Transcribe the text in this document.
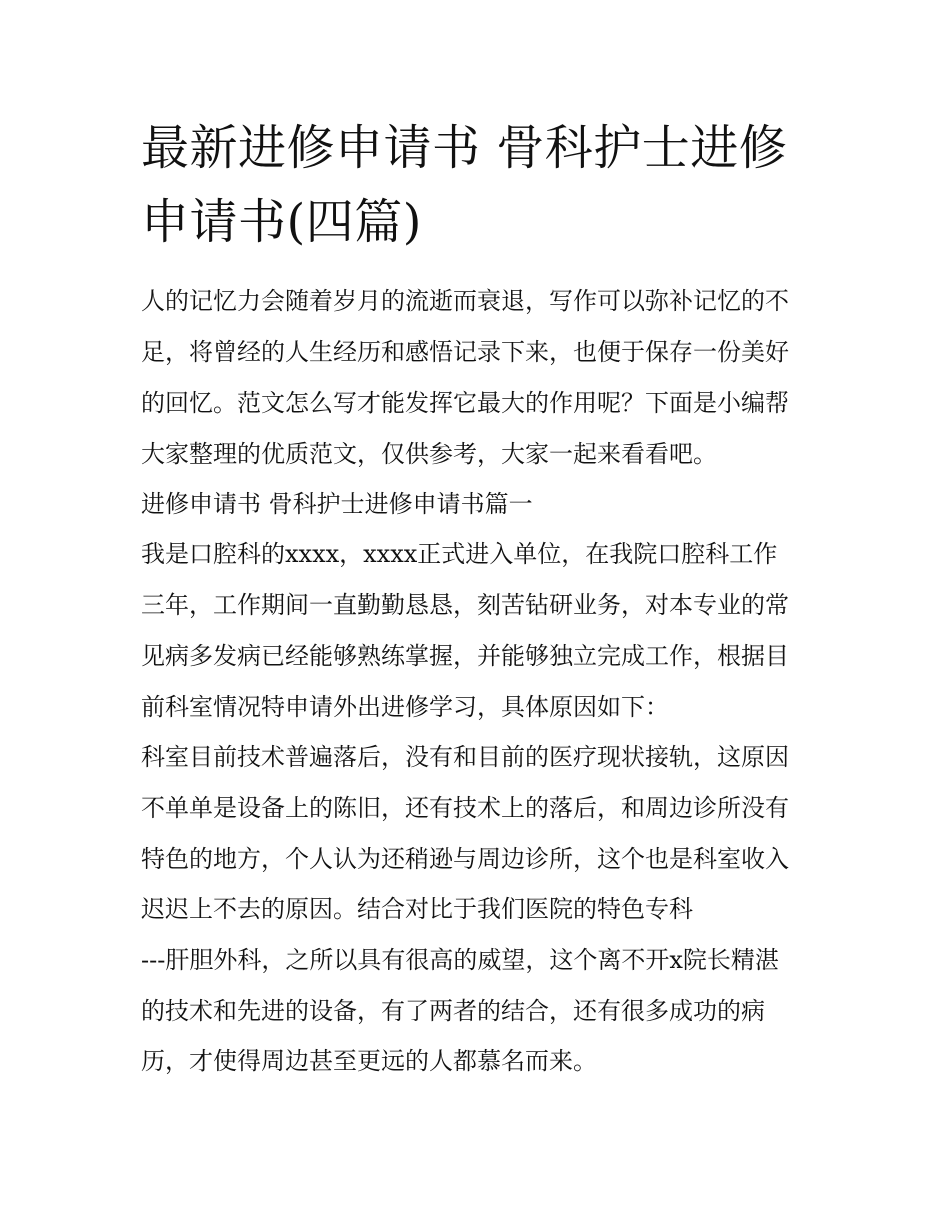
最新进修申请书 骨科护士进修
申请书(四篇)

人的记忆力会随着岁月的流逝而衰退，写作可以弥补记忆的不

足，将曾经的人生经历和感悟记录下来，也便于保存一份美好

的回忆。范文怎么写才能发挥它最大的作用呢？下面是小编帮

大家整理的优质范文，仅供参考，大家一起来看看吧。

进修申请书 骨科护士进修申请书篇一

我是口腔科的xxxx，xxxx正式进入单位，在我院口腔科工作

三年，工作期间一直勤勤恳恳，刻苦钻研业务，对本专业的常

见病多发病已经能够熟练掌握，并能够独立完成工作，根据目

前科室情况特申请外出进修学习，具体原因如下：

科室目前技术普遍落后，没有和目前的医疗现状接轨，这原因

不单单是设备上的陈旧，还有技术上的落后，和周边诊所没有

特色的地方，个人认为还稍逊与周边诊所，这个也是科室收入

迟迟上不去的原因。结合对比于我们医院的特色专科

---肝胆外科，之所以具有很高的威望，这个离不开x院长精湛

的技术和先进的设备，有了两者的结合，还有很多成功的病

历，才使得周边甚至更远的人都慕名而来。
